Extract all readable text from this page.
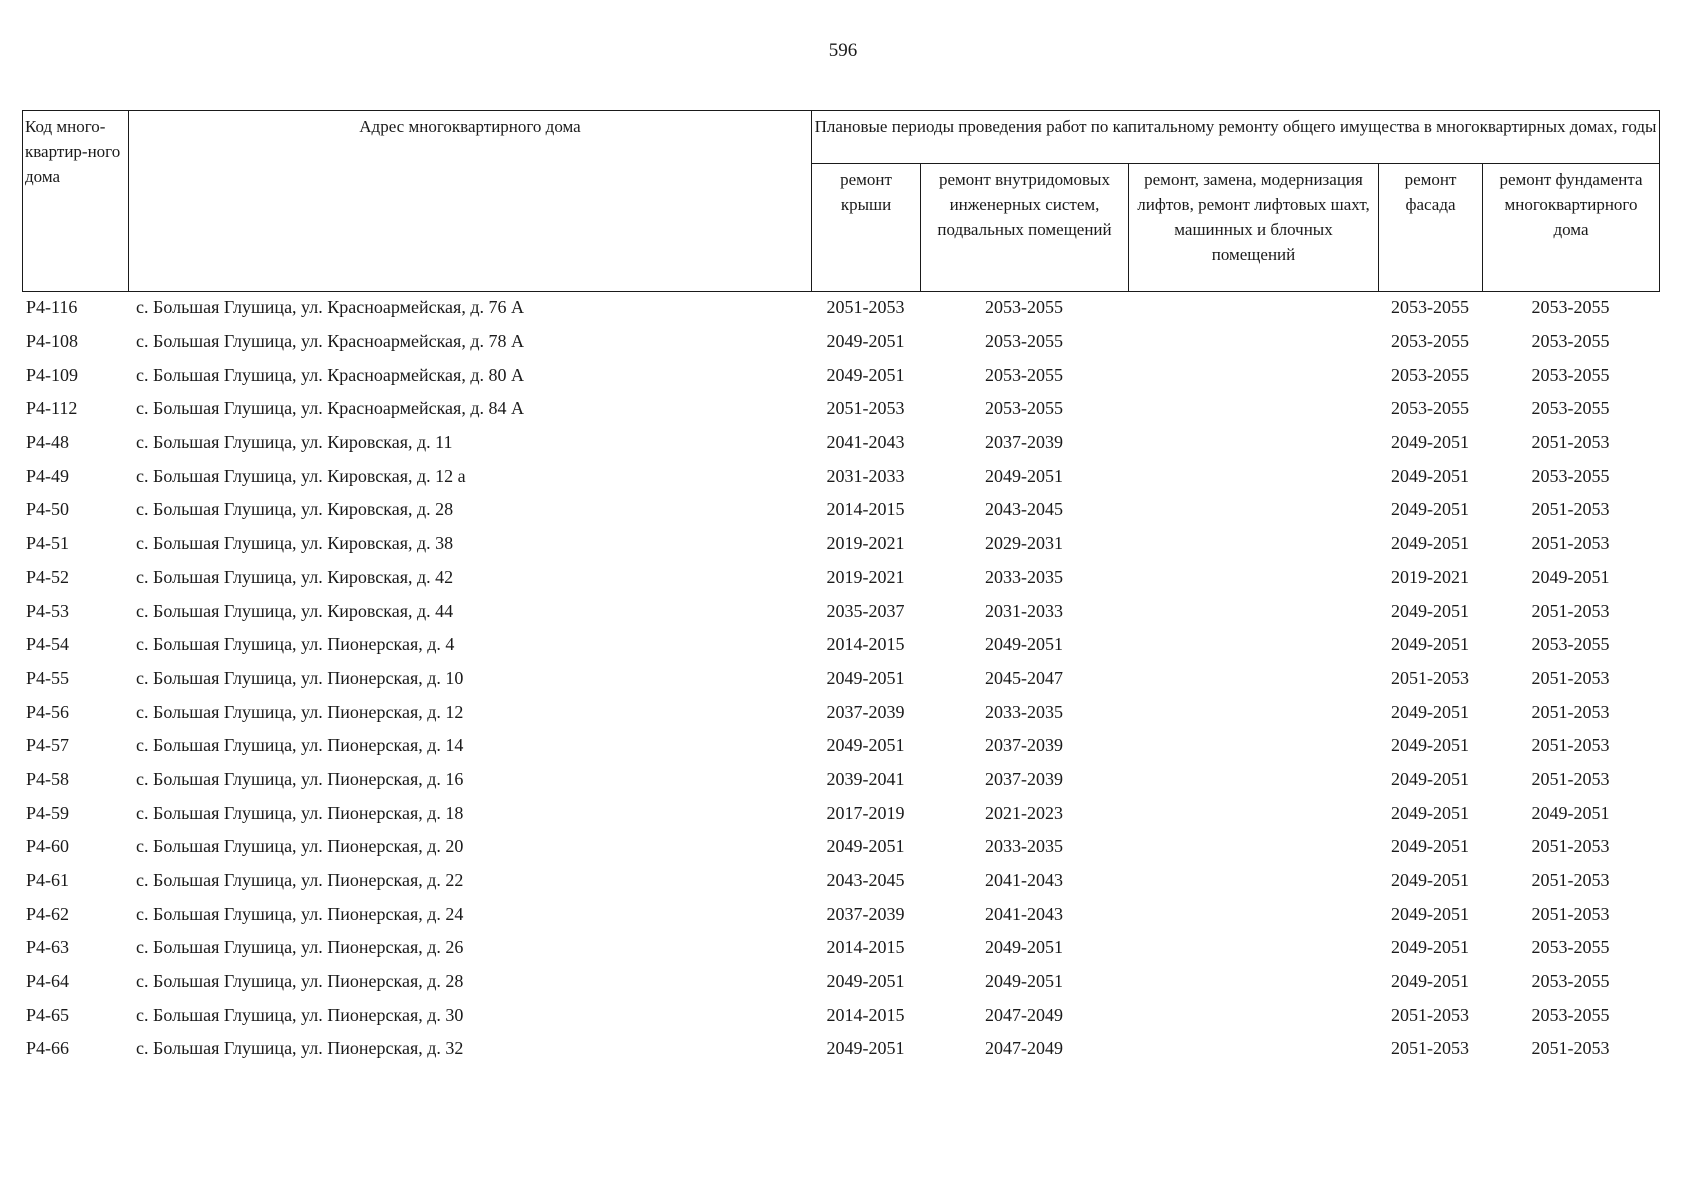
596
Код много-квартир-ного дома	Адрес многоквартирного дома	Плановые периоды проведения работ по капитальному ремонту общего имущества в многоквартирных домах, годы				
		ремонт крыши	ремонт внутридомовых инженерных систем, подвальных помещений	ремонт, замена, модернизация лифтов, ремонт лифтовых шахт, машинных и блочных помещений	ремонт фасада	ремонт фундамента многоквартирного дома
Р4-116	с. Большая Глушица, ул. Красноармейская, д. 76 А	2051-2053	2053-2055		2053-2055	2053-2055
Р4-108	с. Большая Глушица, ул. Красноармейская, д. 78 А	2049-2051	2053-2055		2053-2055	2053-2055
Р4-109	с. Большая Глушица, ул. Красноармейская, д. 80 А	2049-2051	2053-2055		2053-2055	2053-2055
Р4-112	с. Большая Глушица, ул. Красноармейская, д. 84 А	2051-2053	2053-2055		2053-2055	2053-2055
Р4-48	с. Большая Глушица, ул. Кировская, д. 11	2041-2043	2037-2039		2049-2051	2051-2053
Р4-49	с. Большая Глушица, ул. Кировская, д. 12 а	2031-2033	2049-2051		2049-2051	2053-2055
Р4-50	с. Большая Глушица, ул. Кировская, д. 28	2014-2015	2043-2045		2049-2051	2051-2053
Р4-51	с. Большая Глушица, ул. Кировская, д. 38	2019-2021	2029-2031		2049-2051	2051-2053
Р4-52	с. Большая Глушица, ул. Кировская, д. 42	2019-2021	2033-2035		2019-2021	2049-2051
Р4-53	с. Большая Глушица, ул. Кировская, д. 44	2035-2037	2031-2033		2049-2051	2051-2053
Р4-54	с. Большая Глушица, ул. Пионерская, д. 4	2014-2015	2049-2051		2049-2051	2053-2055
Р4-55	с. Большая Глушица, ул. Пионерская, д. 10	2049-2051	2045-2047		2051-2053	2051-2053
Р4-56	с. Большая Глушица, ул. Пионерская, д. 12	2037-2039	2033-2035		2049-2051	2051-2053
Р4-57	с. Большая Глушица, ул. Пионерская, д. 14	2049-2051	2037-2039		2049-2051	2051-2053
Р4-58	с. Большая Глушица, ул. Пионерская, д. 16	2039-2041	2037-2039		2049-2051	2051-2053
Р4-59	с. Большая Глушица, ул. Пионерская, д. 18	2017-2019	2021-2023		2049-2051	2049-2051
Р4-60	с. Большая Глушица, ул. Пионерская, д. 20	2049-2051	2033-2035		2049-2051	2051-2053
Р4-61	с. Большая Глушица, ул. Пионерская, д. 22	2043-2045	2041-2043		2049-2051	2051-2053
Р4-62	с. Большая Глушица, ул. Пионерская, д. 24	2037-2039	2041-2043		2049-2051	2051-2053
Р4-63	с. Большая Глушица, ул. Пионерская, д. 26	2014-2015	2049-2051		2049-2051	2053-2055
Р4-64	с. Большая Глушица, ул. Пионерская, д. 28	2049-2051	2049-2051		2049-2051	2053-2055
Р4-65	с. Большая Глушица, ул. Пионерская, д. 30	2014-2015	2047-2049		2051-2053	2053-2055
Р4-66	с. Большая Глушица, ул. Пионерская, д. 32	2049-2051	2047-2049		2051-2053	2051-2053
